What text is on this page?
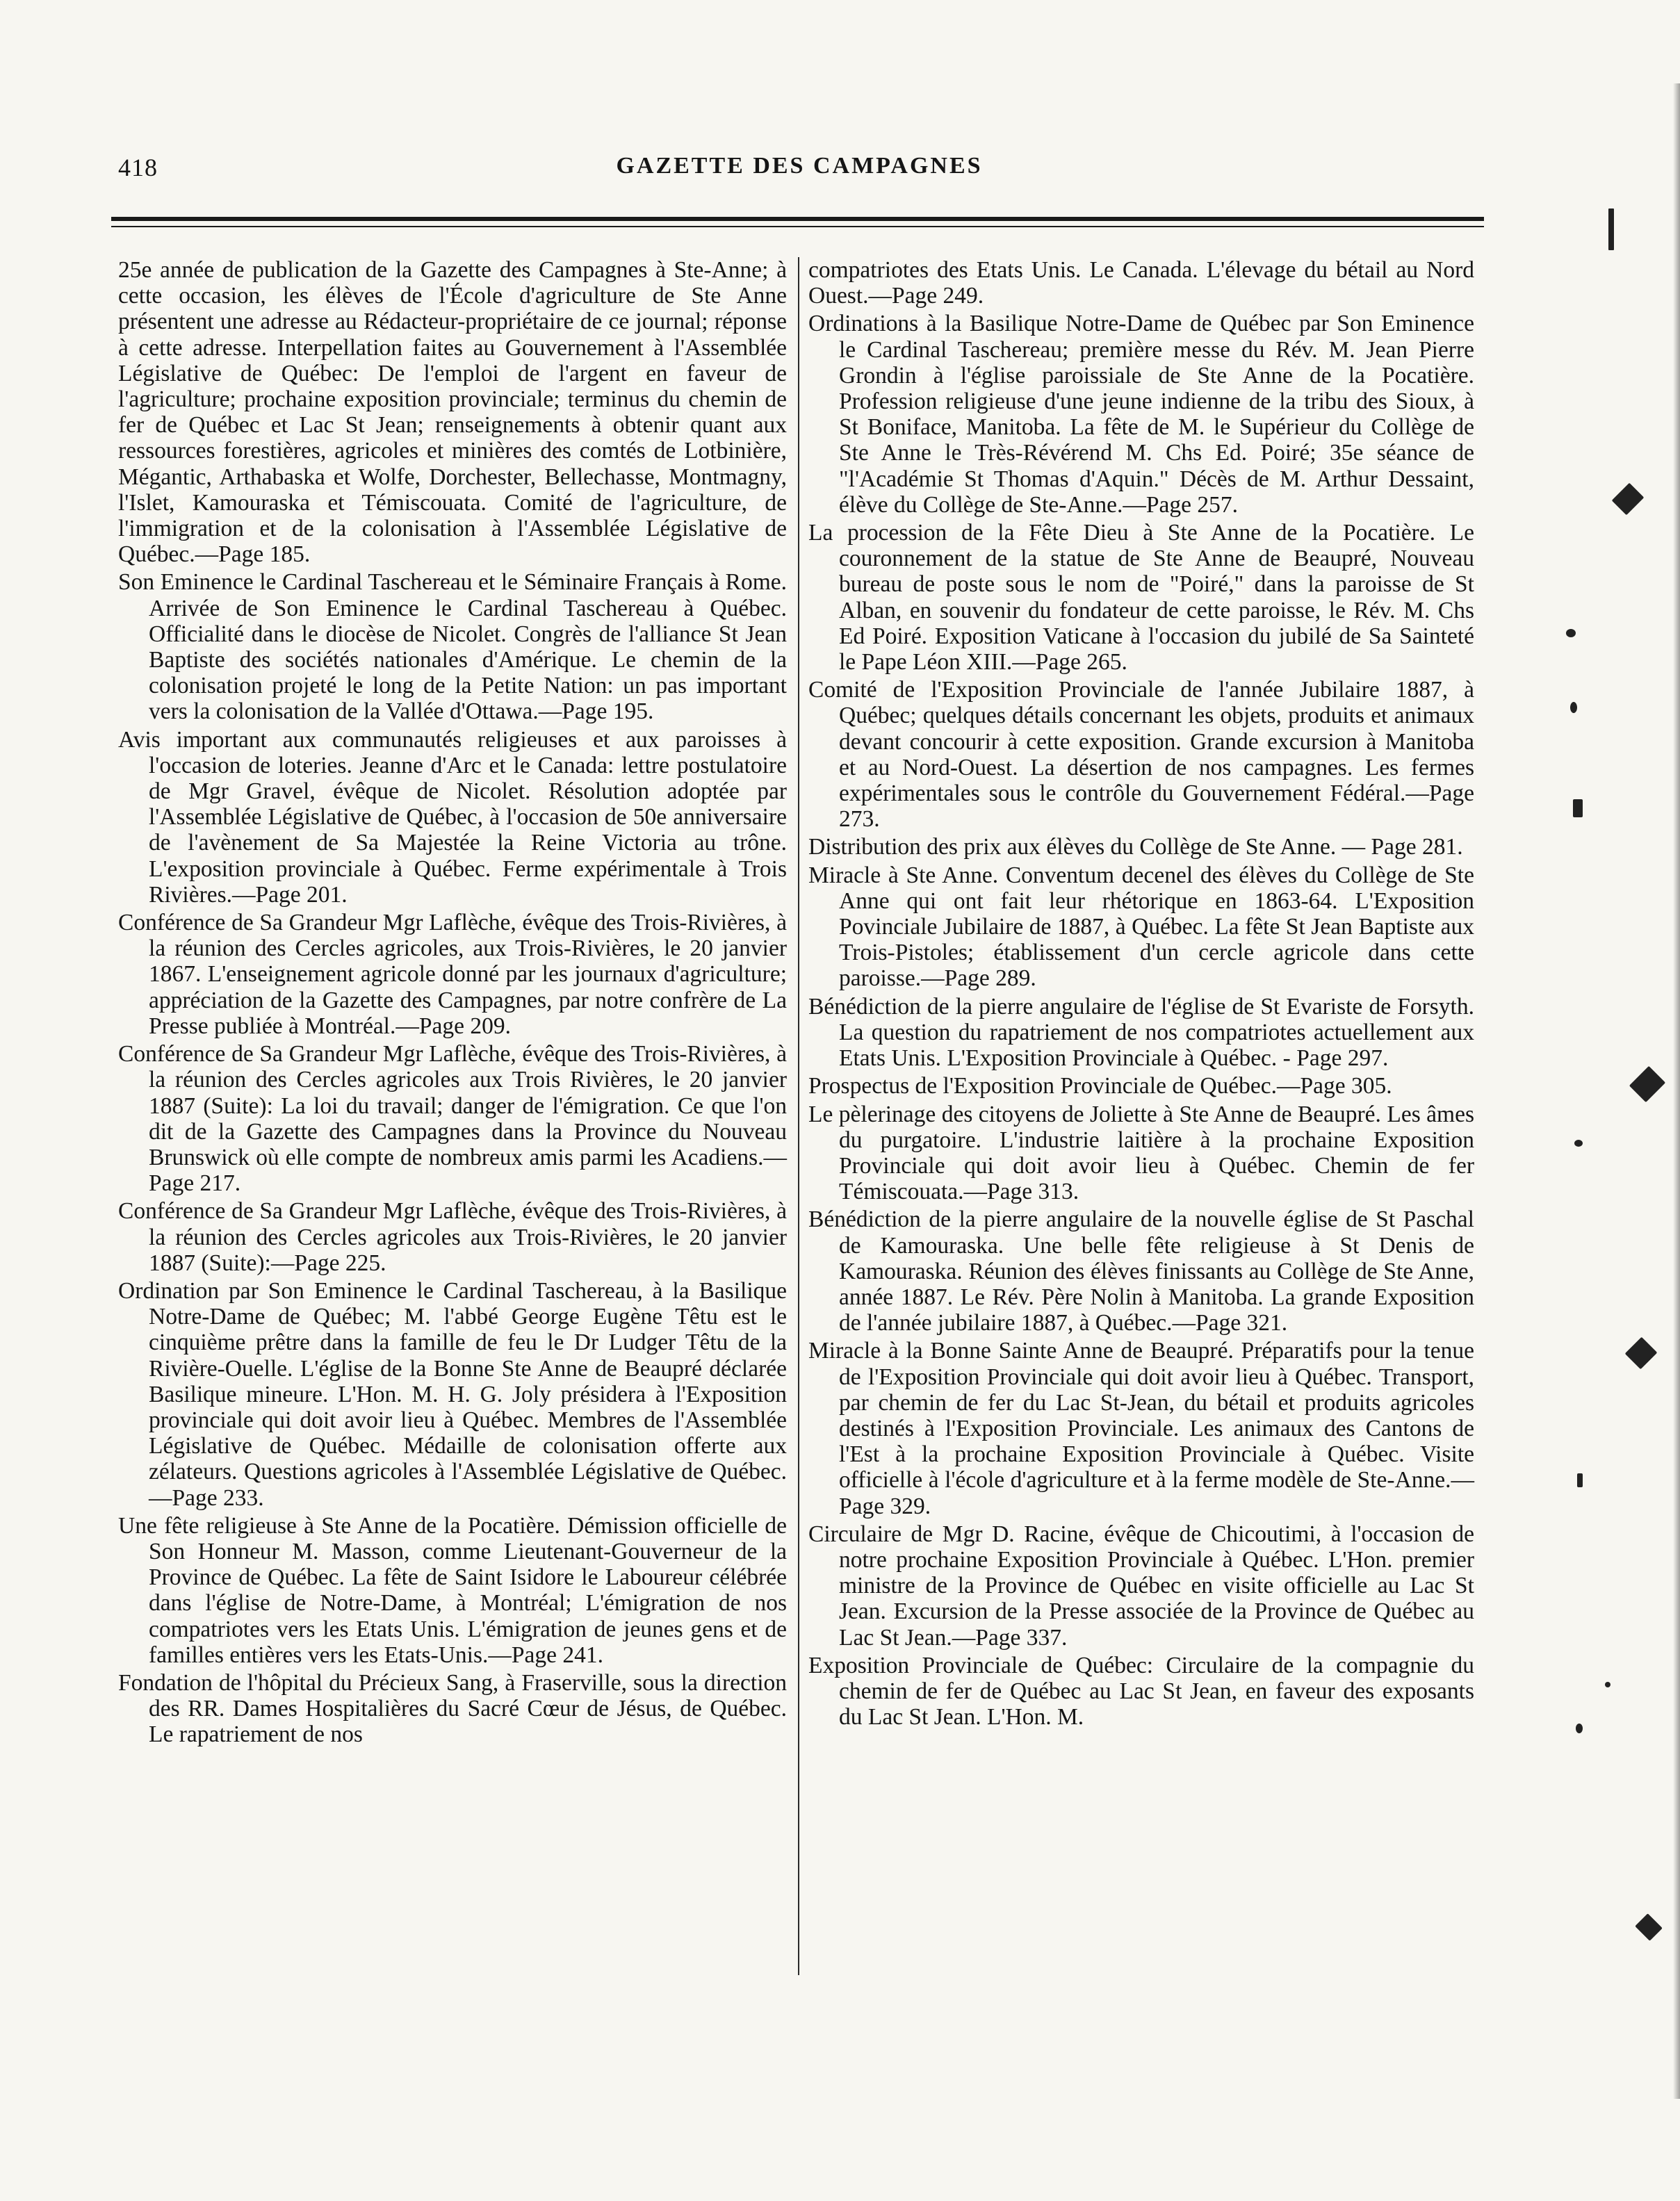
418	GAZETTE DES CAMPAGNES

25e année de publication de la Gazette des Campagnes à Ste-Anne; à cette occasion, les élèves de l'École d'agriculture de Ste Anne présentent une adresse au Rédacteur-propriétaire de ce journal; réponse à cette adresse. Interpellation faites au Gouvernement à l'Assemblée Législative de Québec: De l'emploi de l'argent en faveur de l'agriculture; prochaine exposition provinciale; terminus du chemin de fer de Québec et Lac St Jean; renseignements à obtenir quant aux ressources forestières, agricoles et minières des comtés de Lotbinière, Mégantic, Arthabaska et Wolfe, Dorchester, Bellechasse, Montmagny, l'Islet, Kamouraska et Témiscouata. Comité de l'agriculture, de l'immigration et de la colonisation à l'Assemblée Législative de Québec.—Page 185.

Son Eminence le Cardinal Taschereau et le Séminaire Français à Rome. Arrivée de Son Eminence le Cardinal Taschereau à Québec. Officialité dans le diocèse de Nicolet. Congrès de l'alliance St Jean Baptiste des sociétés nationales d'Amérique. Le chemin de la colonisation projeté le long de la Petite Nation: un pas important vers la colonisation de la Vallée d'Ottawa.—Page 195.

Avis important aux communautés religieuses et aux paroisses à l'occasion de loteries. Jeanne d'Arc et le Canada: lettre postulatoire de Mgr Gravel, évêque de Nicolet. Résolution adoptée par l'Assemblée Législative de Québec, à l'occasion de 50e anniversaire de l'avènement de Sa Majestée la Reine Victoria au trône. L'exposition provinciale à Québec. Ferme expérimentale à Trois Rivières.—Page 201.

Conférence de Sa Grandeur Mgr Laflèche, évêque des Trois-Rivières, à la réunion des Cercles agricoles, aux Trois-Rivières, le 20 janvier 1867. L'enseignement agricole donné par les journaux d'agriculture; appréciation de la Gazette des Campagnes, par notre confrère de La Presse publiée à Montréal.—Page 209.

Conférence de Sa Grandeur Mgr Laflèche, évêque des Trois-Rivières, à la réunion des Cercles agricoles aux Trois Rivières, le 20 janvier 1887 (Suite): La loi du travail; danger de l'émigration. Ce que l'on dit de la Gazette des Campagnes dans la Province du Nouveau Brunswick où elle compte de nombreux amis parmi les Acadiens.—Page 217.

Conférence de Sa Grandeur Mgr Laflèche, évêque des Trois-Rivières, à la réunion des Cercles agricoles aux Trois-Rivières, le 20 janvier 1887 (Suite):—Page 225.

Ordination par Son Eminence le Cardinal Taschereau, à la Basilique Notre-Dame de Québec; M. l'abbé George Eugène Têtu est le cinquième prêtre dans la famille de feu le Dr Ludger Têtu de la Rivière-Ouelle. L'église de la Bonne Ste Anne de Beaupré déclarée Basilique mineure. L'Hon. M. H. G. Joly présidera à l'Exposition provinciale qui doit avoir lieu à Québec. Membres de l'Assemblée Législative de Québec. Médaille de colonisation offerte aux zélateurs. Questions agricoles à l'Assemblée Législative de Québec.—Page 233.

Une fête religieuse à Ste Anne de la Pocatière. Démission officielle de Son Honneur M. Masson, comme Lieutenant-Gouverneur de la Province de Québec. La fête de Saint Isidore le Laboureur célébrée dans l'église de Notre-Dame, à Montréal; L'émigration de nos compatriotes vers les Etats Unis. L'émigration de jeunes gens et de familles entières vers les Etats-Unis.—Page 241.

Fondation de l'hôpital du Précieux Sang, à Fraserville, sous la direction des RR. Dames Hospitalières du Sacré Cœur de Jésus, de Québec. Le rapatriement de nos

compatriotes des Etats Unis. Le Canada. L'élevage du bétail au Nord Ouest.—Page 249.

Ordinations à la Basilique Notre-Dame de Québec par Son Eminence le Cardinal Taschereau; première messe du Rév. M. Jean Pierre Grondin à l'église paroissiale de Ste Anne de la Pocatière. Profession religieuse d'une jeune indienne de la tribu des Sioux, à St Boniface, Manitoba. La fête de M. le Supérieur du Collège de Ste Anne le Très-Révérend M. Chs Ed. Poiré; 35e séance de "l'Académie St Thomas d'Aquin." Décès de M. Arthur Dessaint, élève du Collège de Ste-Anne.—Page 257.

La procession de la Fête Dieu à Ste Anne de la Pocatière. Le couronnement de la statue de Ste Anne de Beaupré, Nouveau bureau de poste sous le nom de "Poiré," dans la paroisse de St Alban, en souvenir du fondateur de cette paroisse, le Rév. M. Chs Ed Poiré. Exposition Vaticane à l'occasion du jubilé de Sa Sainteté le Pape Léon XIII.—Page 265.

Comité de l'Exposition Provinciale de l'année Jubilaire 1887, à Québec; quelques détails concernant les objets, produits et animaux devant concourir à cette exposition. Grande excursion à Manitoba et au Nord-Ouest. La désertion de nos campagnes. Les fermes expérimentales sous le contrôle du Gouvernement Fédéral.—Page 273.

Distribution des prix aux élèves du Collège de Ste Anne. — Page 281.

Miracle à Ste Anne. Conventum decenel des élèves du Collège de Ste Anne qui ont fait leur rhétorique en 1863-64. L'Exposition Povinciale Jubilaire de 1887, à Québec. La fête St Jean Baptiste aux Trois-Pistoles; établissement d'un cercle agricole dans cette paroisse.—Page 289.

Bénédiction de la pierre angulaire de l'église de St Evariste de Forsyth. La question du rapatriement de nos compatriotes actuellement aux Etats Unis. L'Exposition Provinciale à Québec. - Page 297.

Prospectus de l'Exposition Provinciale de Québec.—Page 305.

Le pèlerinage des citoyens de Joliette à Ste Anne de Beaupré. Les âmes du purgatoire. L'industrie laitière à la prochaine Exposition Provinciale qui doit avoir lieu à Québec. Chemin de fer Témiscouata.—Page 313.

Bénédiction de la pierre angulaire de la nouvelle église de St Paschal de Kamouraska. Une belle fête religieuse à St Denis de Kamouraska. Réunion des élèves finissants au Collège de Ste Anne, année 1887. Le Rév. Père Nolin à Manitoba. La grande Exposition de l'année jubilaire 1887, à Québec.—Page 321.

Miracle à la Bonne Sainte Anne de Beaupré. Préparatifs pour la tenue de l'Exposition Provinciale qui doit avoir lieu à Québec. Transport, par chemin de fer du Lac St-Jean, du bétail et produits agricoles destinés à l'Exposition Provinciale. Les animaux des Cantons de l'Est à la prochaine Exposition Provinciale à Québec. Visite officielle à l'école d'agriculture et à la ferme modèle de Ste-Anne.—Page 329.

Circulaire de Mgr D. Racine, évêque de Chicoutimi, à l'occasion de notre prochaine Exposition Provinciale à Québec. L'Hon. premier ministre de la Province de Québec en visite officielle au Lac St Jean. Excursion de la Presse associée de la Province de Québec au Lac St Jean.—Page 337.

Exposition Provinciale de Québec: Circulaire de la compagnie du chemin de fer de Québec au Lac St Jean, en faveur des exposants du Lac St Jean. L'Hon. M.
